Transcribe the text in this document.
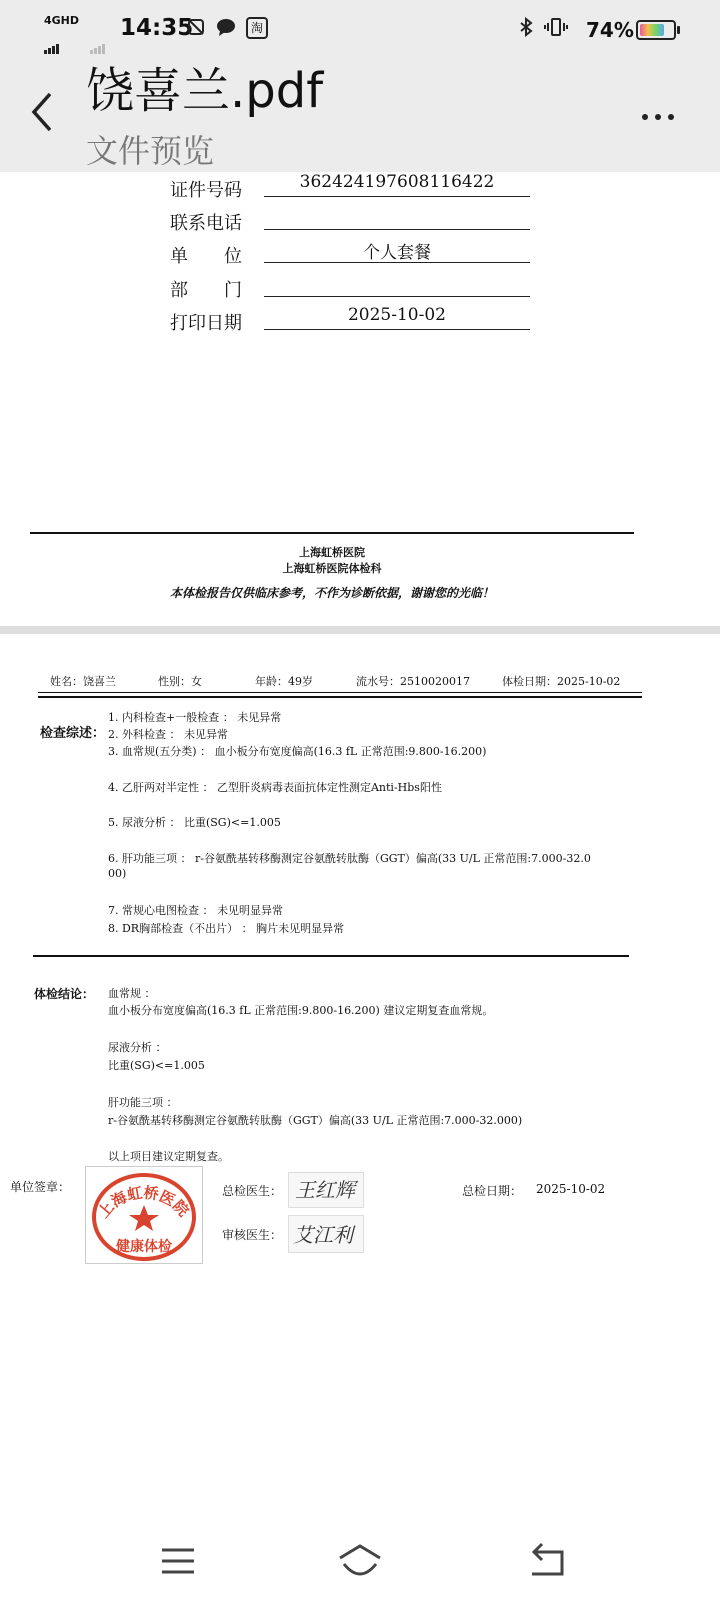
4GHD 14:35	淘	74%
饶喜兰.pdf
文件预览
证件号码	362424197608116422
联系电话
单　　位	个人套餐
部　　门
打印日期	2025-10-02
上海虹桥医院
上海虹桥医院体检科
本体检报告仅供临床参考，不作为诊断依据，谢谢您的光临！
姓名：饶喜兰	性别：女	年龄：49岁	流水号：2510020017	体检日期：2025-10-02
检查综述：
1. 内科检查+一般检查 ： 未见异常
2. 外科检查 ： 未见异常
3. 血常规(五分类) ： 血小板分布宽度偏高(16.3 fL 正常范围:9.800-16.200)
4. 乙肝两对半定性 ： 乙型肝炎病毒表面抗体定性测定Anti-Hbs阳性
5. 尿液分析 ： 比重(SG)<=1.005
6. 肝功能三项 ： r-谷氨酰基转移酶测定谷氨酰转肽酶（GGT）偏高(33 U/L 正常范围:7.000-32.0
00)
7. 常规心电图检查 ： 未见明显异常
8. DR胸部检查（不出片） ： 胸片未见明显异常
体检结论： 血常规 ：
血小板分布宽度偏高(16.3 fL 正常范围:9.800-16.200) 建议定期复查血常规。
尿液分析 ：
比重(SG)<=1.005
肝功能三项 ：
r-谷氨酰基转移酶测定谷氨酰转肽酶（GGT）偏高(33 U/L 正常范围:7.000-32.000)
以上项目建议定期复查。
单位签章：
上海虹桥医院
健康体检
总检医生： 王红辉
审核医生： 艾江利
总检日期： 2025-10-02
